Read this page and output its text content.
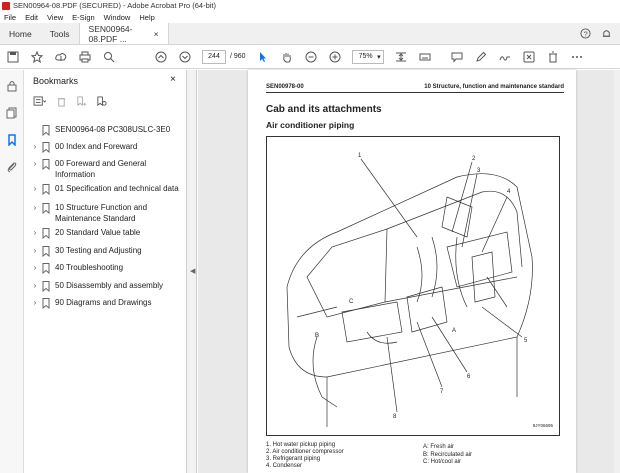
SEN00964-08.PDF (SECURED) - Adobe Acrobat Pro (64-bit)
File Edit View E-Sign Window Help
Home	Tools	SEN00964-08.PDF ...	×	?
244	/ 960	75% ▾
Bookmarks	×
SEN00964-08 PC308USLC-3E0
›	00 Index and Foreward
›	00 Foreward and General Information
›	01 Specification and technical data
›	10 Structure Function and Maintenance Standard
›	20 Standard Value table
›	30 Testing and Adjusting
›	40 Troubleshooting
›	50 Disassembly and assembly
›	90 Diagrams and Drawings
◀
SEN00978-00	10 Structure, function and maintenance standard
Cab and its attachments
Air conditioner piping
1	2
3
4
5
6
7
8
A
B
C
9JY06695
1. Hot water pickup piping
2. Air conditioner compressor
3. Refrigerant piping
4. Condenser
A: Fresh air
B: Recirculated air
C: Hot/cool air
